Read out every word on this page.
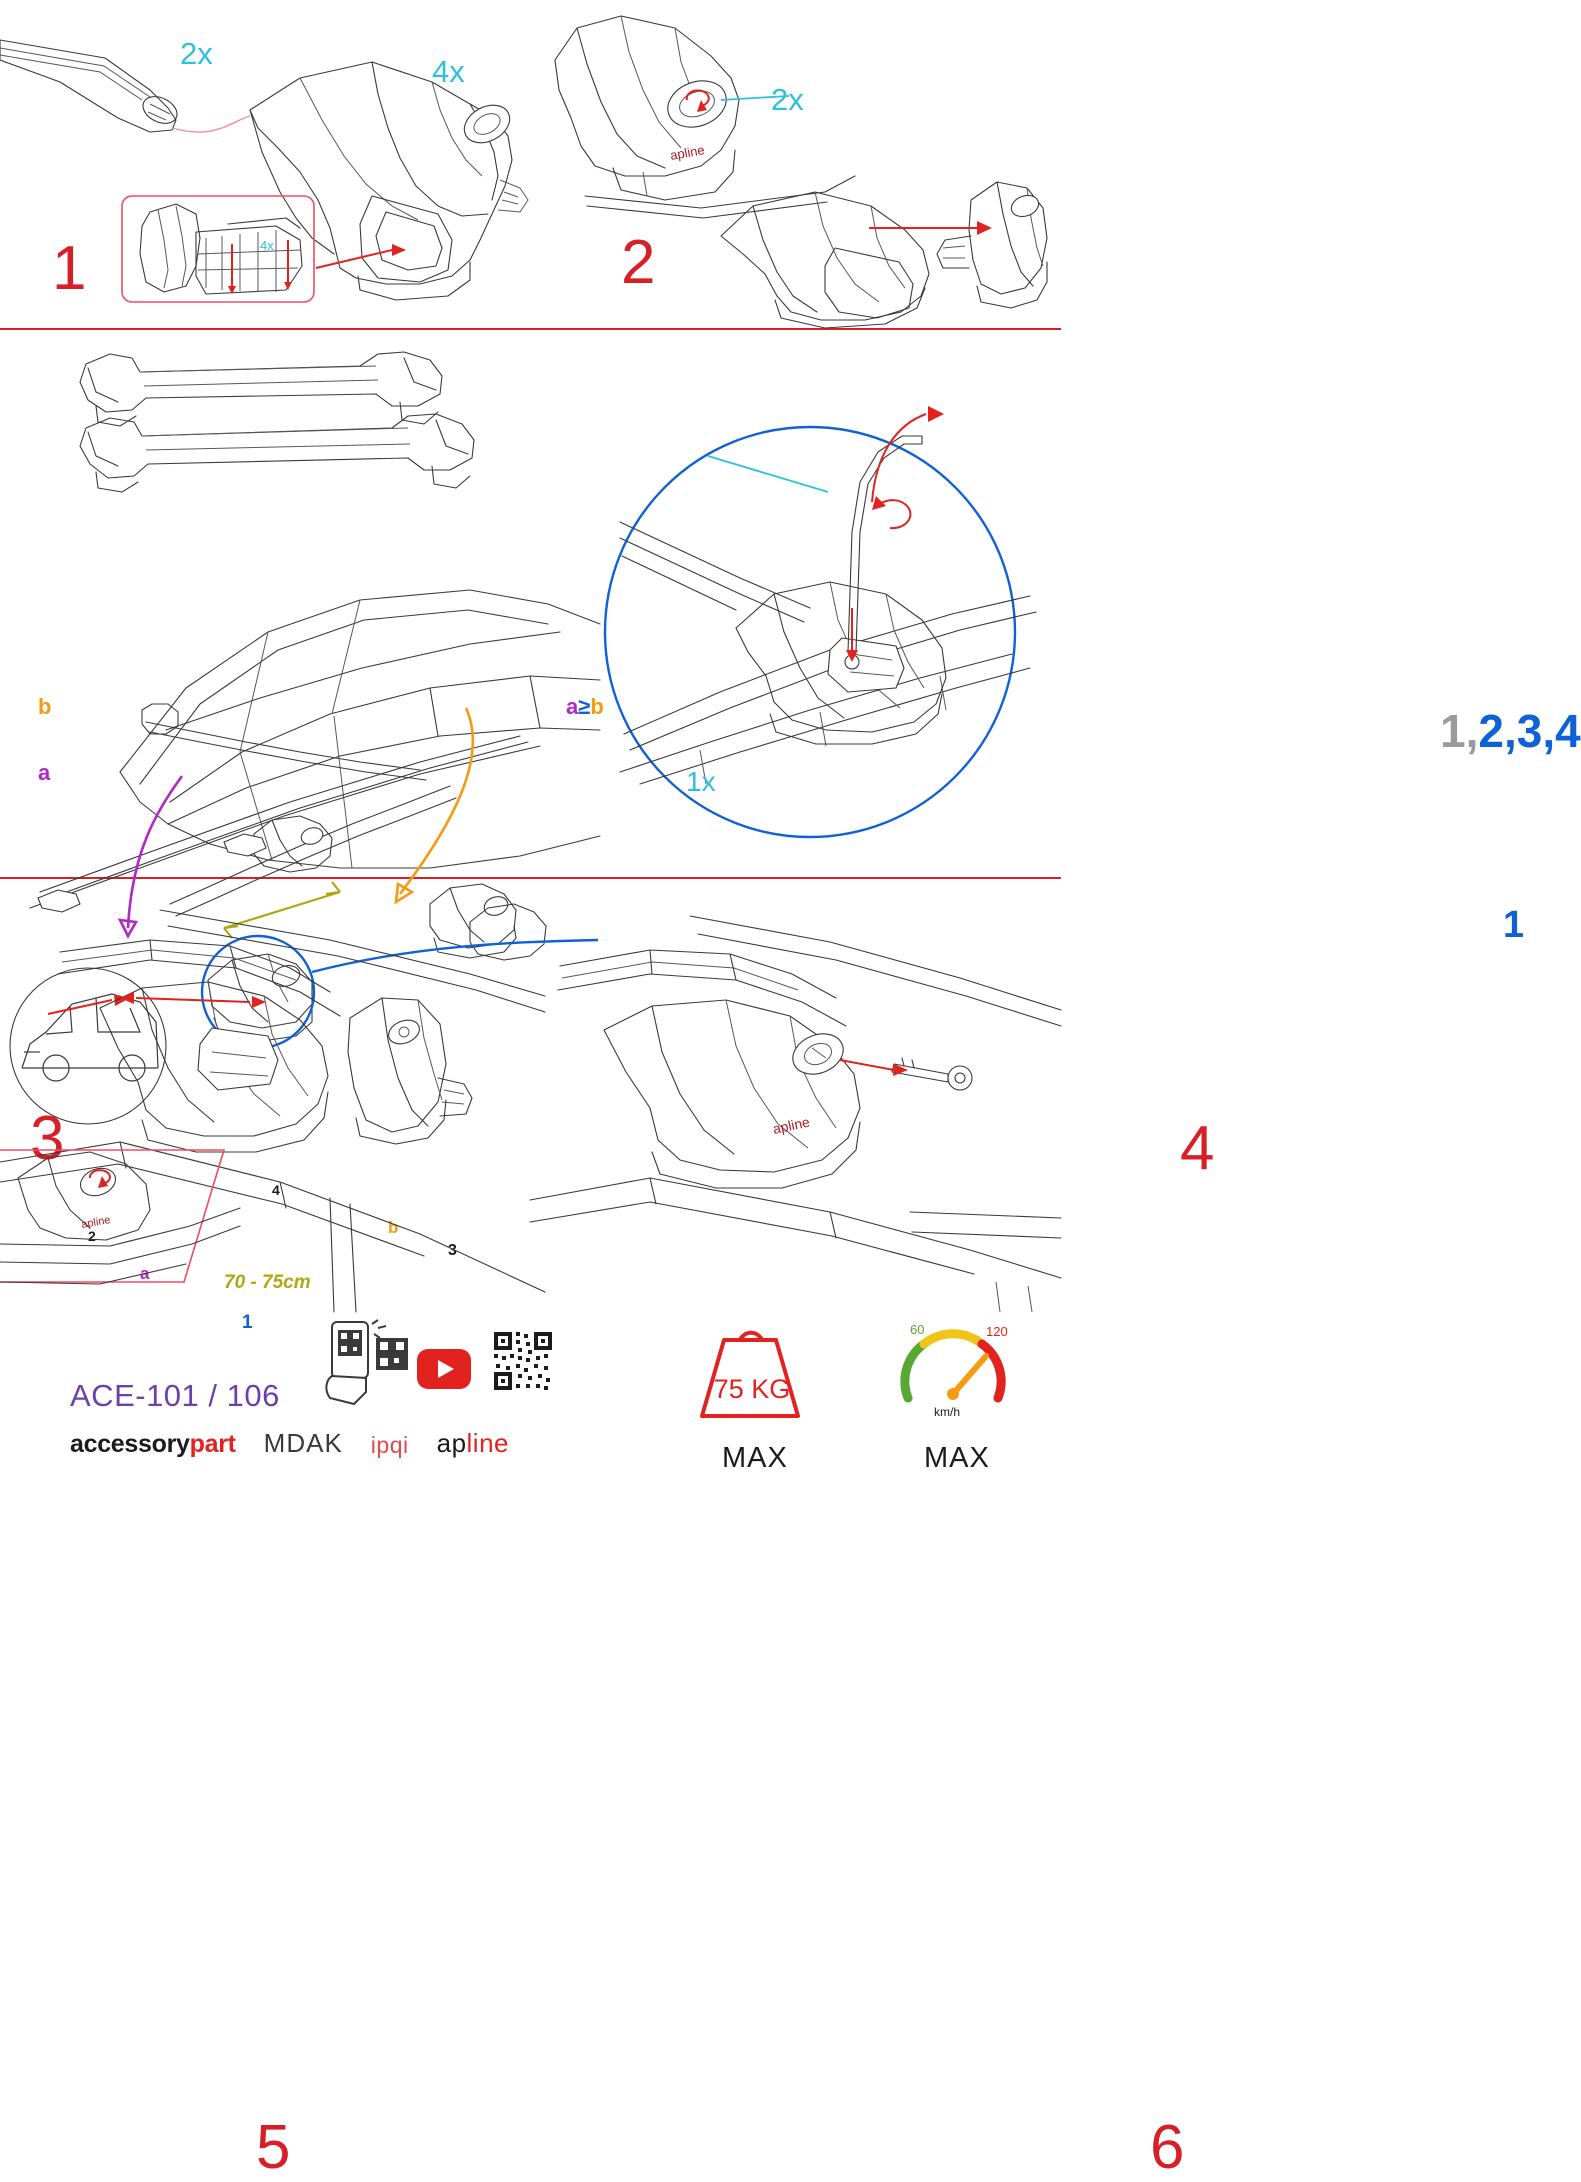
2x
4x
4x
1
apline
2x
2
b
a
a
b
70 - 75cm
1
2
3
4
3
1x
a≥b	1,2,3,4
1
4
apline
5
apline
6
ACE-101 / 106
accessorypart MDAK ipqi apline
75 KG
MAX
60	120
km/h
MAX
